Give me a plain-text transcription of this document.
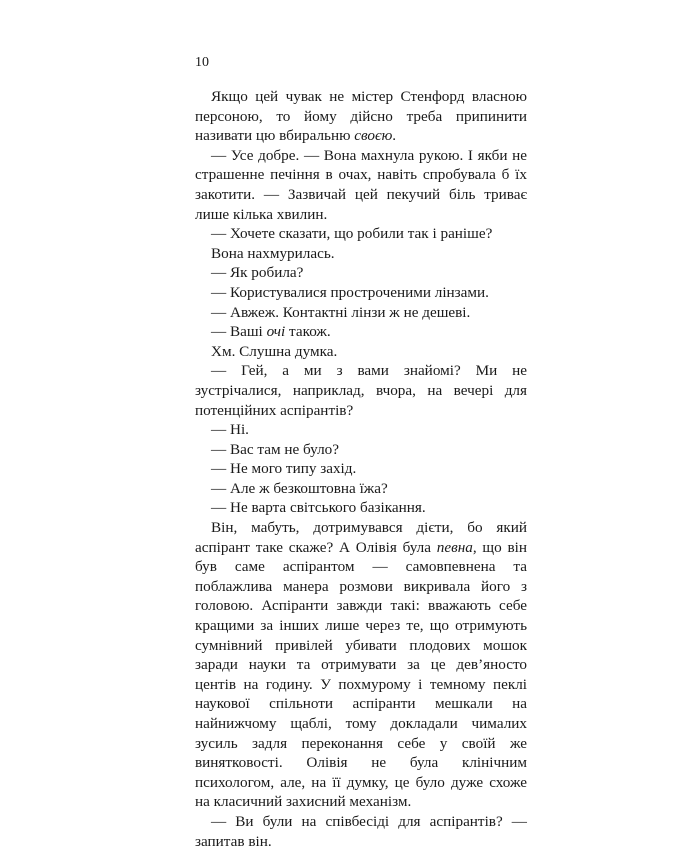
10

Якщо цей чувак не містер Стенфорд власною персоною, то йому дійсно треба припинити називати цю вбиральню своєю.

— Усе добре. — Вона махнула рукою. І якби не страшенне печіння в очах, навіть спробувала б їх закотити. — Зазвичай цей пекучий біль триває лише кілька хвилин.

— Хочете сказати, що робили так і раніше?

Вона нахмурилась.

— Як робила?

— Користувалися простроченими лінзами.

— Авжеж. Контактні лінзи ж не дешеві.

— Ваші очі також.

Хм. Слушна думка.

— Гей, а ми з вами знайомі? Ми не зустрічалися, наприклад, вчора, на вечері для потенційних аспірантів?

— Ні.

— Вас там не було?

— Не мого типу захід.

— Але ж безкоштовна їжа?

— Не варта світського базікання.

Він, мабуть, дотримувався дієти, бо який аспірант таке скаже? А Олівія була певна, що він був саме аспірантом — самовпевнена та поблажлива манера розмови викривала його з головою. Аспіранти завжди такі: вважають себе кращими за інших лише через те, що отримують сумнівний привілей убивати плодових мошок заради науки та отримувати за це дев’яносто центів на годину. У похмурому і темному пеклі наукової спільноти аспіранти мешкали на найнижчому щаблі, тому докладали чималих зусиль задля переконання себе у своїй же винятковості. Олівія не була клінічним психологом, але, на її думку, це було дуже схоже на класичний захисний механізм.

— Ви були на співбесіді для аспірантів? — запитав він.
